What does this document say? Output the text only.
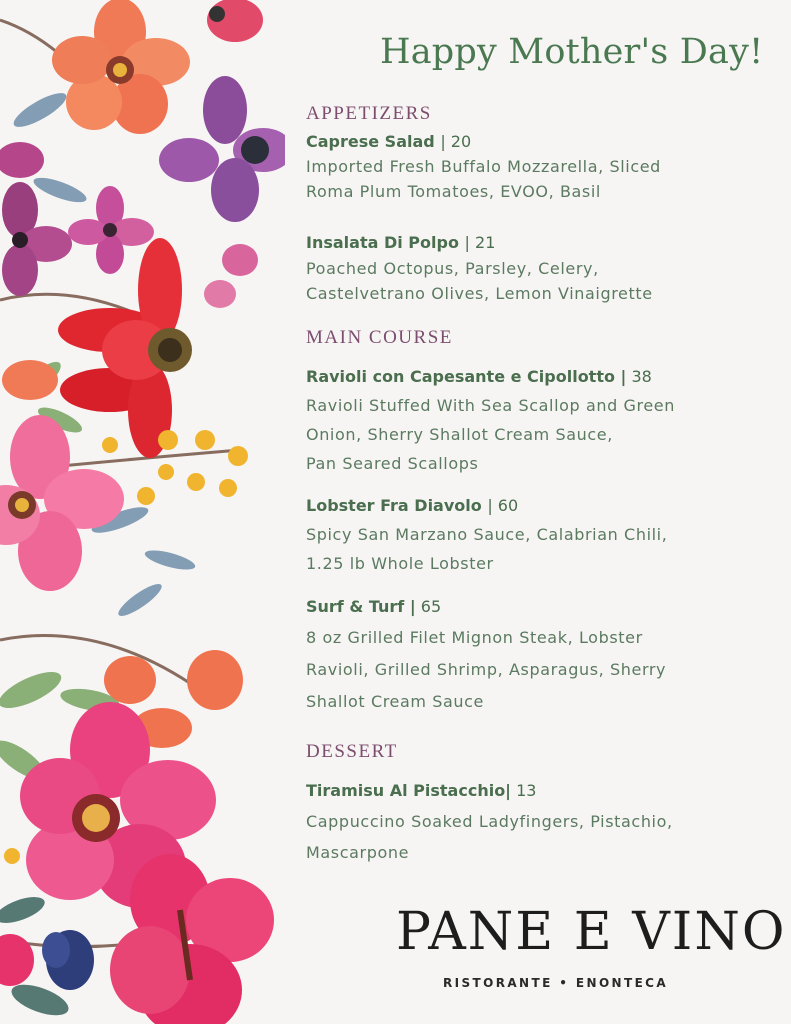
Happy Mother's Day!
APPETIZERS
Caprese Salad | 20
Imported Fresh Buffalo Mozzarella, Sliced
Roma Plum Tomatoes, EVOO, Basil
Insalata Di Polpo | 21
Poached Octopus, Parsley, Celery,
Castelvetrano Olives, Lemon Vinaigrette
MAIN COURSE
Ravioli con Capesante e Cipollotto | 38
Ravioli Stuffed With Sea Scallop and Green
Onion, Sherry Shallot Cream Sauce,
Pan Seared Scallops
Lobster Fra Diavolo | 60
Spicy San Marzano Sauce, Calabrian Chili,
1.25 lb Whole Lobster
Surf & Turf | 65
8 oz Grilled Filet Mignon Steak, Lobster
Ravioli, Grilled Shrimp, Asparagus, Sherry
Shallot Cream Sauce
DESSERT
Tiramisu Al Pistacchio| 13
Cappuccino Soaked Ladyfingers, Pistachio,
Mascarpone
PANE E VINO
RISTORANTE • ENONTECA
